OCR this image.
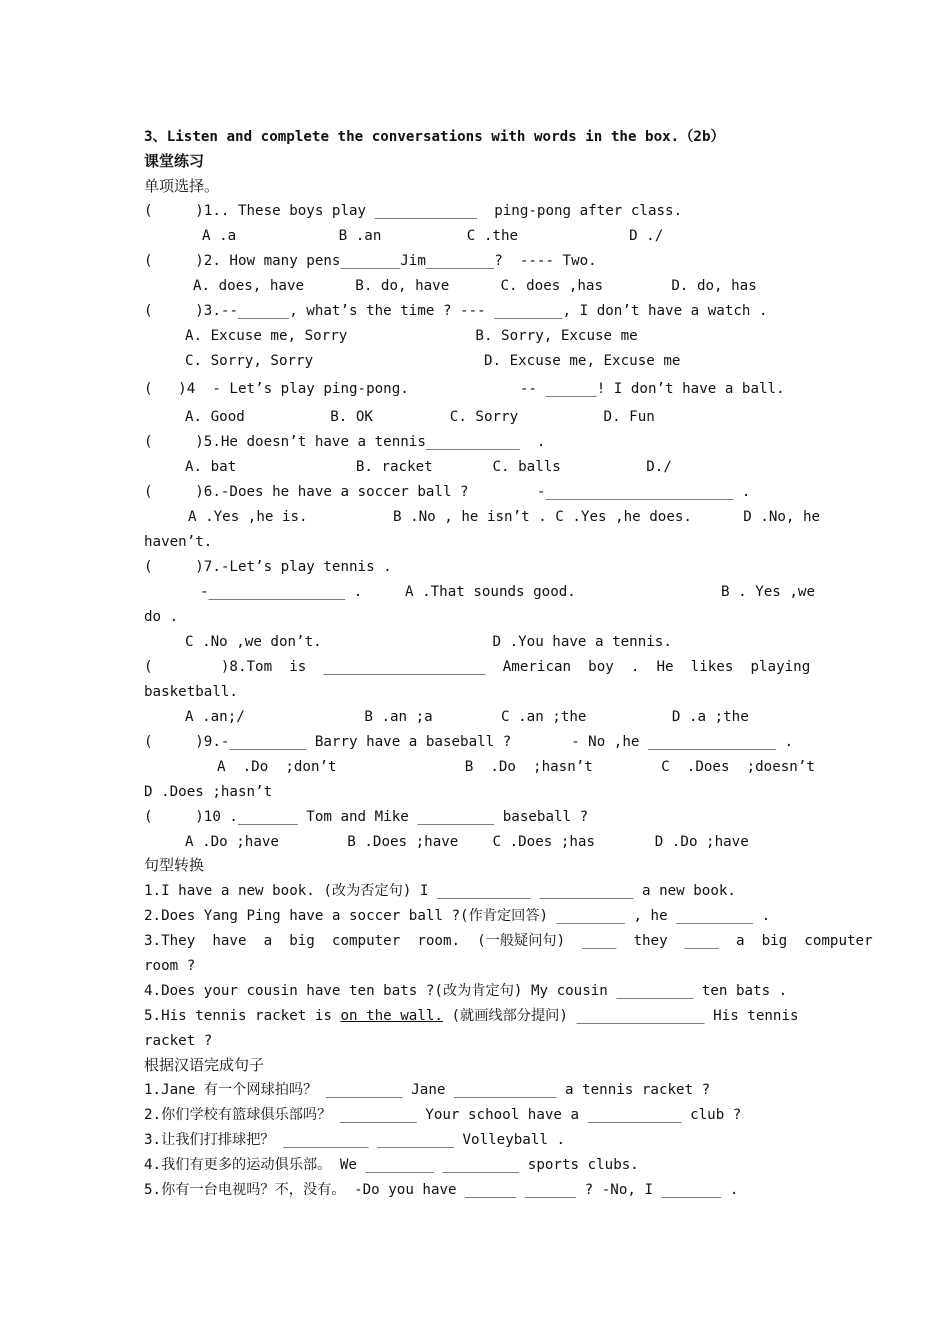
3、Listen and complete the conversations with words in the box.（2b）
课堂练习
单项选择。
(     )1.. These boys play ____________  ping-pong after class.
A .a            B .an          C .the             D ./
(     )2. How many pens_______Jim________?  ---- Two.
A. does, have      B. do, have      C. does ,has        D. do, has
(     )3.--______, what’s the time ? --- ________, I don’t have a watch .
A. Excuse me, Sorry               B. Sorry, Excuse me
C. Sorry, Sorry                    D. Excuse me, Excuse me
(   )4  - Let’s play ping-pong.             -- ______! I don’t have a ball.
A. Good          B. OK         C. Sorry          D. Fun
(     )5.He doesn’t have a tennis___________  .
A. bat              B. racket       C. balls          D./
(     )6.-Does he have a soccer ball ?        -______________________ .
A .Yes ,he is.          B .No , he isn’t . C .Yes ,he does.      D .No, he
haven’t.
(     )7.-Let’s play tennis .
-________________ .     A .That sounds good.                 B . Yes ,we
do .
C .No ,we don’t.                    D .You have a tennis.
(        )8.Tom  is  ___________________  American  boy  .  He  likes  playing
basketball.
A .an;/              B .an ;a        C .an ;the          D .a ;the
(     )9.-_________ Barry have a baseball ?       - No ,he _______________ .
A  .Do  ;don’t               B  .Do  ;hasn’t        C  .Does  ;doesn’t
D .Does ;hasn’t
(     )10 ._______ Tom and Mike _________ baseball ?
A .Do ;have        B .Does ;have    C .Does ;has       D .Do ;have
句型转换
1.I have a new book. (改为否定句) I ___________ ___________ a new book.
2.Does Yang Ping have a soccer ball ?(作肯定回答) ________ , he _________ .
3.They  have  a  big  computer  room.  (一般疑问句)  ____  they  ____  a  big  computer
room ?
4.Does your cousin have ten bats ?(改为肯定句) My cousin _________ ten bats .
5.His tennis racket is on the wall. (就画线部分提问) _______________ His tennis
racket ?
根据汉语完成句子
1.Jane 有一个网球拍吗？ _________ Jane ____________ a tennis racket ?
2.你们学校有篮球俱乐部吗？ _________ Your school have a ___________ club ?
3.让我们打排球把？ __________ _________ Volleyball .
4.我们有更多的运动俱乐部。 We ________ _________ sports clubs.
5.你有一台电视吗？不，没有。 -Do you have ______ ______ ? -No, I _______ .
